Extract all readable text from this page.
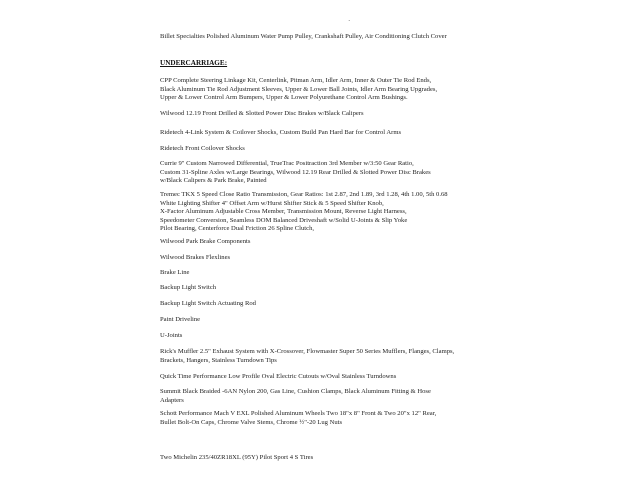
·
Billet Specialties Polished Aluminum Water Pump Pulley, Crankshaft Pulley, Air Conditioning Clutch Cover
UNDERCARRIAGE:
CPP Complete Steering Linkage Kit, Centerlink, Pitman Arm, Idler Arm, Inner & Outer Tie Rod Ends,
Black Aluminum Tie Rod Adjustment Sleeves, Upper & Lower Ball Joints, Idler Arm Bearing Upgrades,
Upper & Lower Control Arm Bumpers, Upper & Lower Polyurethane Control Arm Bushings.
Wilwood 12.19 Front Drilled & Slotted Power Disc Brakes w/Black Calipers
Ridetech 4-Link System & Coilover Shocks, Custom Build Pan Hard Bar for Control Arms
Ridetech Front Coilover Shocks
Currie 9" Custom Narrowed Differential, TrueTrac Positraction 3rd Member w/3:50 Gear Ratio,
Custom 31-Spline Axles w/Large Bearings, Wilwood 12.19 Rear Drilled & Slotted Power Disc Brakes
w/Black Calipers & Park Brake, Painted
Tremec TKX 5 Speed Close Ratio Transmission, Gear Ratios: 1st 2.87, 2nd 1.89, 3rd 1.28, 4th 1.00, 5th 0.68
White Lighting Shifter 4" Offset Arm w/Hurst Shifter Stick & 5 Speed Shifter Knob,
X-Factor Aluminum Adjustable Cross Member, Transmission Mount, Reverse Light Harness,
Speedometer Conversion, Seamless DOM Balanced Driveshaft w/Solid U-Joints & Slip Yoke
Pilot Bearing, Centerforce Dual Friction 26 Spline Clutch,
Wilwood Park Brake Components
Wilwood Brakes Flexlines
Brake Line
Backup Light Switch
Backup Light Switch Actuating Rod
Paint Driveline
U-Joints
Rick's Muffler 2.5" Exhaust System with X-Crossover, Flowmaster Super 50 Series Mufflers, Flanges, Clamps,
Brackets, Hangers, Stainless Turndown Tips
Quick Time Performance Low Profile Oval Electric Cutouts w/Oval Stainless Turndowns
Summit Black Braided -6AN Nylon 200, Gas Line, Cushion Clamps, Black Aluminum Fitting & Hose
Adapters
Schott Performance Mach V EXL Polished Aluminum Wheels Two 18"x 8" Front & Two 20"x 12" Rear,
Bullet Bolt-On Caps, Chrome Valve Stems, Chrome ½"-20 Lug Nuts
Two Michelin 235/40ZR18XL (95Y) Pilot Sport 4 S Tires
